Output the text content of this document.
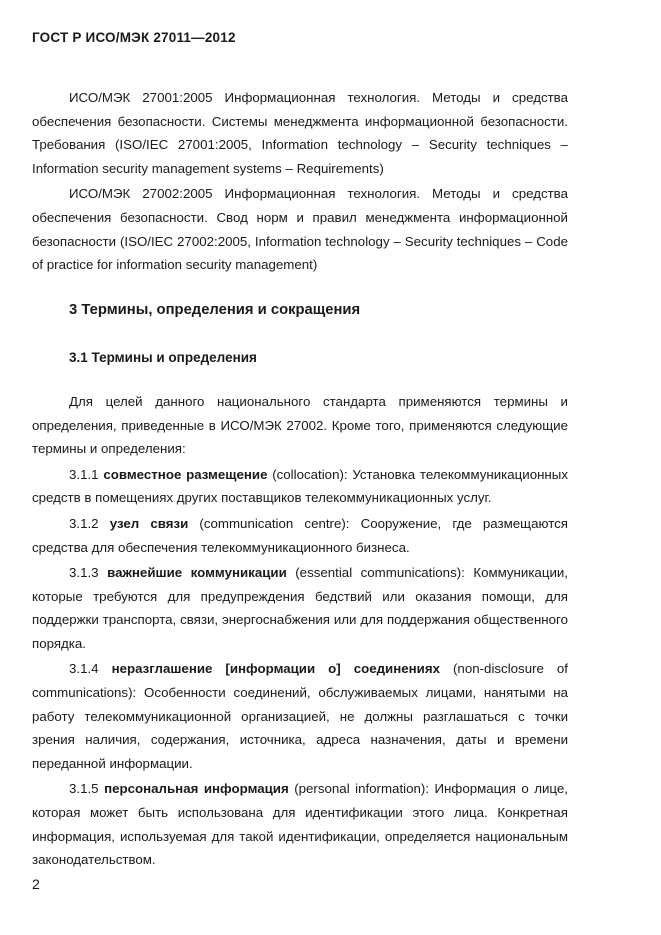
ГОСТ Р ИСО/МЭК 27011—2012

ИСО/МЭК 27001:2005 Информационная технология. Методы и средства обеспечения безопасности. Системы менеджмента информационной безопасности. Требования (ISO/IEC 27001:2005, Information technology – Security techniques – Information security management systems – Requirements)

ИСО/МЭК 27002:2005 Информационная технология. Методы и средства обеспечения безопасности. Свод норм и правил менеджмента информационной безопасности (ISO/IEC 27002:2005, Information technology – Security techniques – Code of practice for information security management)

3 Термины, определения и сокращения
3.1 Термины и определения

Для целей данного национального стандарта применяются термины и определения, приведенные в ИСО/МЭК 27002. Кроме того, применяются следующие термины и определения:

3.1.1 совместное размещение (collocation): Установка телекоммуникационных средств в помещениях других поставщиков телекоммуникационных услуг.

3.1.2 узел связи (communication centre): Сооружение, где размещаются средства для обеспечения телекоммуникационного бизнеса.

3.1.3 важнейшие коммуникации (essential communications): Коммуникации, которые требуются для предупреждения бедствий или оказания помощи, для поддержки транспорта, связи, энергоснабжения или для поддержания общественного порядка.

3.1.4 неразглашение [информации о] соединениях (non-disclosure of communications): Особенности соединений, обслуживаемых лицами, нанятыми на работу телекоммуникационной организацией, не должны разглашаться с точки зрения наличия, содержания, источника, адреса назначения, даты и времени переданной информации.

3.1.5 персональная информация (personal information): Информация о лице, которая может быть использована для идентификации этого лица. Конкретная информация, используемая для такой идентификации, определяется национальным законодательством.

2
